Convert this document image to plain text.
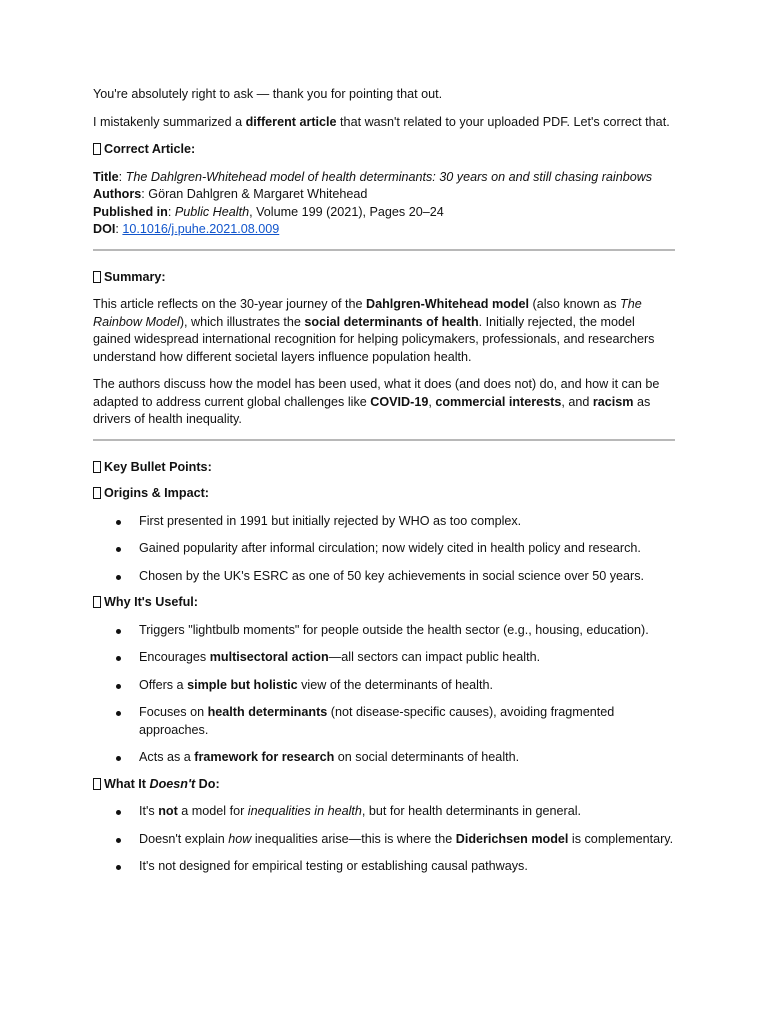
You're absolutely right to ask — thank you for pointing that out.

I mistakenly summarized a different article that wasn't related to your uploaded PDF. Let's correct that.

Correct Article:

Title: The Dahlgren-Whitehead model of health determinants: 30 years on and still chasing rainbows

Authors: Göran Dahlgren & Margaret Whitehead

Published in: Public Health, Volume 199 (2021), Pages 20–24

DOI: 10.1016/j.puhe.2021.08.009

Summary:

This article reflects on the 30-year journey of the Dahlgren-Whitehead model (also known as The Rainbow Model), which illustrates the social determinants of health. Initially rejected, the model gained widespread international recognition for helping policymakers, professionals, and researchers understand how different societal layers influence population health.

The authors discuss how the model has been used, what it does (and does not) do, and how it can be adapted to address current global challenges like COVID-19, commercial interests, and racism as drivers of health inequality.

Key Bullet Points:

Origins & Impact:

First presented in 1991 but initially rejected by WHO as too complex.
Gained popularity after informal circulation; now widely cited in health policy and research.
Chosen by the UK's ESRC as one of 50 key achievements in social science over 50 years.

Why It's Useful:

Triggers "lightbulb moments" for people outside the health sector (e.g., housing, education).
Encourages multisectoral action—all sectors can impact public health.
Offers a simple but holistic view of the determinants of health.
Focuses on health determinants (not disease-specific causes), avoiding fragmented approaches.
Acts as a framework for research on social determinants of health.

What It Doesn't Do:

It's not a model for inequalities in health, but for health determinants in general.
Doesn't explain how inequalities arise—this is where the Diderichsen model is complementary.
It's not designed for empirical testing or establishing causal pathways.
